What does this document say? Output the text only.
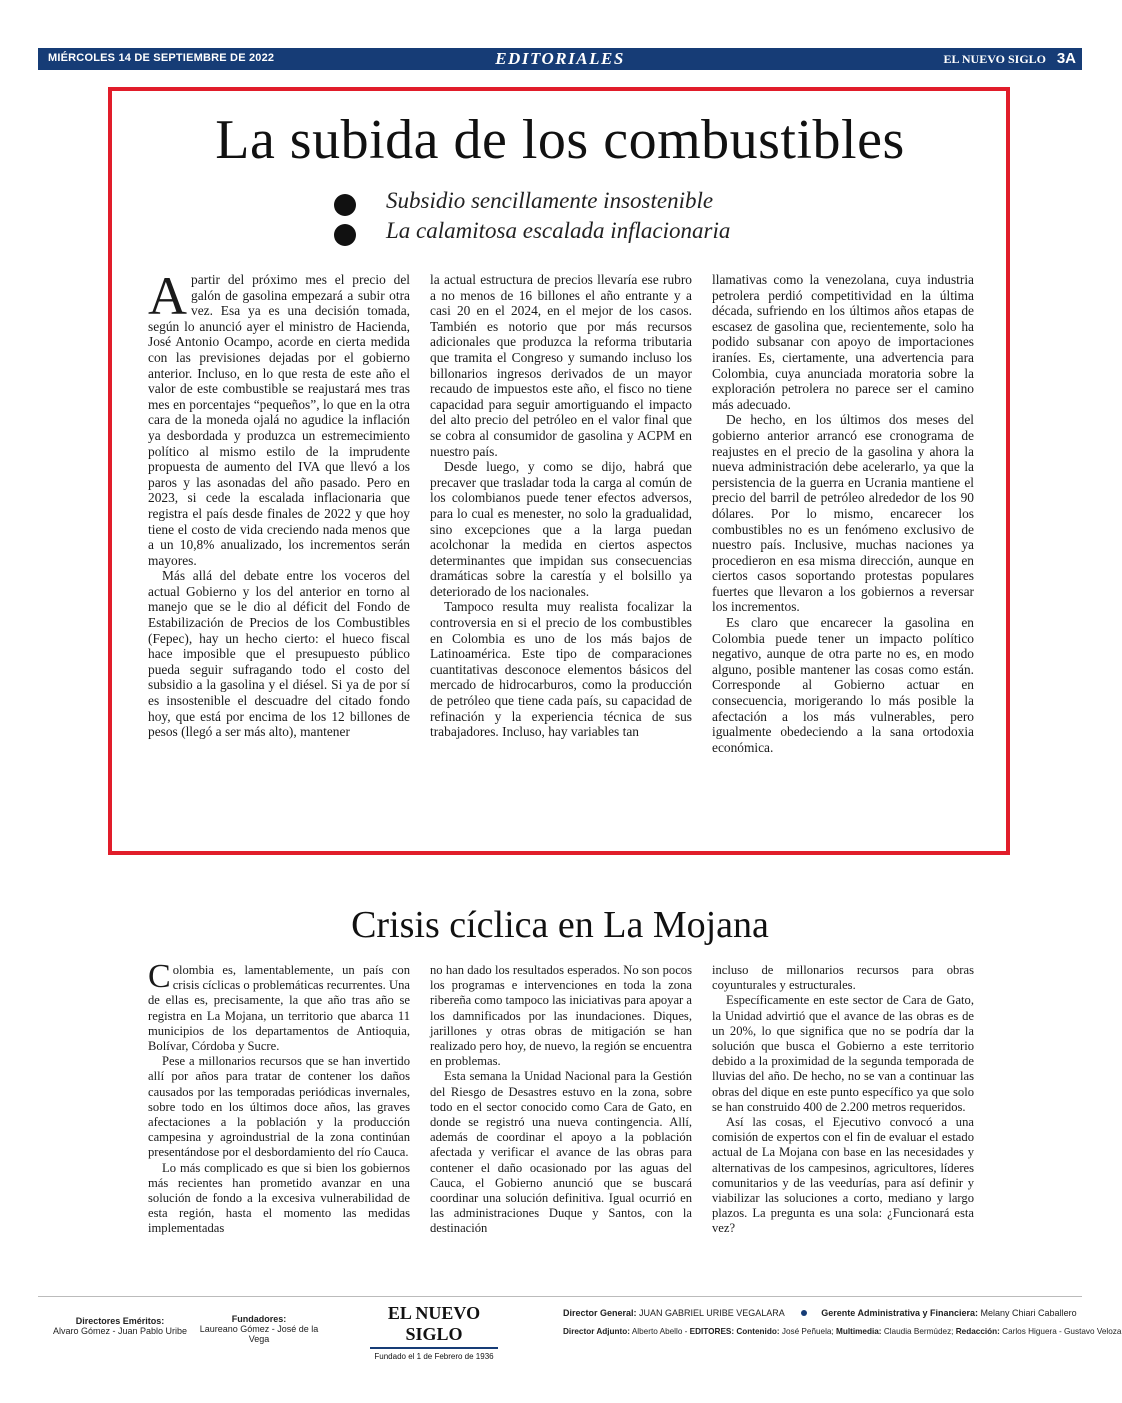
MIÉRCOLES 14 DE SEPTIEMBRE DE 2022	EDITORIALES	EL NUEVO SIGLO 3A
La subida de los combustibles
Subsidio sencillamente insostenible
La calamitosa escalada inflacionaria

Apartir del próximo mes el precio del galón de gasolina empezará a subir otra vez. Esa ya es una decisión tomada, según lo anunció ayer el ministro de Hacienda, José Antonio Ocampo, acorde en cierta medida con las previsiones dejadas por el gobierno anterior. Incluso, en lo que resta de este año el valor de este combustible se reajustará mes tras mes en porcentajes “pequeños”, lo que en la otra cara de la moneda ojalá no agudice la inflación ya desbordada y produzca un estremecimiento político al mismo estilo de la imprudente propuesta de aumento del IVA que llevó a los paros y las asonadas del año pasado. Pero en 2023, si cede la escalada inflacionaria que registra el país desde finales de 2022 y que hoy tiene el costo de vida creciendo nada menos que a un 10,8% anualizado, los incrementos serán mayores.

Más allá del debate entre los voceros del actual Gobierno y los del anterior en torno al manejo que se le dio al déficit del Fondo de Estabilización de Precios de los Combustibles (Fepec), hay un hecho cierto: el hueco fiscal hace imposible que el presupuesto público pueda seguir sufragando todo el costo del subsidio a la gasolina y el diésel. Si ya de por sí es insostenible el descuadre del citado fondo hoy, que está por encima de los 12 billones de pesos (llegó a ser más alto), mantener

la actual estructura de precios llevaría ese rubro a no menos de 16 billones el año entrante y a casi 20 en el 2024, en el mejor de los casos. También es notorio que por más recursos adicionales que produzca la reforma tributaria que tramita el Congreso y sumando incluso los billonarios ingresos derivados de un mayor recaudo de impuestos este año, el fisco no tiene capacidad para seguir amortiguando el impacto del alto precio del petróleo en el valor final que se cobra al consumidor de gasolina y ACPM en nuestro país.

Desde luego, y como se dijo, habrá que precaver que trasladar toda la carga al común de los colombianos puede tener efectos adversos, para lo cual es menester, no solo la gradualidad, sino excepciones que a la larga puedan acolchonar la medida en ciertos aspectos determinantes que impidan sus consecuencias dramáticas sobre la carestía y el bolsillo ya deteriorado de los nacionales.

Tampoco resulta muy realista focalizar la controversia en si el precio de los combustibles en Colombia es uno de los más bajos de Latinoamérica. Este tipo de comparaciones cuantitativas desconoce elementos básicos del mercado de hidrocarburos, como la producción de petróleo que tiene cada país, su capacidad de refinación y la experiencia técnica de sus trabajadores. Incluso, hay variables tan

llamativas como la venezolana, cuya industria petrolera perdió competitividad en la última década, sufriendo en los últimos años etapas de escasez de gasolina que, recientemente, solo ha podido subsanar con apoyo de importaciones iraníes. Es, ciertamente, una advertencia para Colombia, cuya anunciada moratoria sobre la exploración petrolera no parece ser el camino más adecuado.

De hecho, en los últimos dos meses del gobierno anterior arrancó ese cronograma de reajustes en el precio de la gasolina y ahora la nueva administración debe acelerarlo, ya que la persistencia de la guerra en Ucrania mantiene el precio del barril de petróleo alrededor de los 90 dólares. Por lo mismo, encarecer los combustibles no es un fenómeno exclusivo de nuestro país. Inclusive, muchas naciones ya procedieron en esa misma dirección, aunque en ciertos casos soportando protestas populares fuertes que llevaron a los gobiernos a reversar los incrementos.

Es claro que encarecer la gasolina en Colombia puede tener un impacto político negativo, aunque de otra parte no es, en modo alguno, posible mantener las cosas como están. Corresponde al Gobierno actuar en consecuencia, morigerando lo más posible la afectación a los más vulnerables, pero igualmente obedeciendo a la sana ortodoxia económica.

Crisis cíclica en La Mojana

Colombia es, lamentablemente, un país con crisis cíclicas o problemáticas recurrentes. Una de ellas es, precisamente, la que año tras año se registra en La Mojana, un territorio que abarca 11 municipios de los departamentos de Antioquia, Bolívar, Córdoba y Sucre.

Pese a millonarios recursos que se han invertido allí por años para tratar de contener los daños causados por las temporadas periódicas invernales, sobre todo en los últimos doce años, las graves afectaciones a la población y la producción campesina y agroindustrial de la zona continúan presentándose por el desbordamiento del río Cauca.

Lo más complicado es que si bien los gobiernos más recientes han prometido avanzar en una solución de fondo a la excesiva vulnerabilidad de esta región, hasta el momento las medidas implementadas

no han dado los resultados esperados. No son pocos los programas e intervenciones en toda la zona ribereña como tampoco las iniciativas para apoyar a los damnificados por las inundaciones. Diques, jarillones y otras obras de mitigación se han realizado pero hoy, de nuevo, la región se encuentra en problemas.

Esta semana la Unidad Nacional para la Gestión del Riesgo de Desastres estuvo en la zona, sobre todo en el sector conocido como Cara de Gato, en donde se registró una nueva contingencia. Allí, además de coordinar el apoyo a la población afectada y verificar el avance de las obras para contener el daño ocasionado por las aguas del Cauca, el Gobierno anunció que se buscará coordinar una solución definitiva. Igual ocurrió en las administraciones Duque y Santos, con la destinación

incluso de millonarios recursos para obras coyunturales y estructurales.

Específicamente en este sector de Cara de Gato, la Unidad advirtió que el avance de las obras es de un 20%, lo que significa que no se podría dar la solución que busca el Gobierno a este territorio debido a la proximidad de la segunda temporada de lluvias del año. De hecho, no se van a continuar las obras del dique en este punto específico ya que solo se han construido 400 de 2.200 metros requeridos.

Así las cosas, el Ejecutivo convocó a una comisión de expertos con el fin de evaluar el estado actual de La Mojana con base en las necesidades y alternativas de los campesinos, agricultores, líderes comunitarios y de las veedurías, para así definir y viabilizar las soluciones a corto, mediano y largo plazos. La pregunta es una sola: ¿Funcionará esta vez?

Directores Eméritos:
Alvaro Gómez - Juan Pablo Uribe
Fundadores:
Laureano Gómez - José de la Vega
EL NUEVO SIGLO
Fundado el 1 de Febrero de 1936
Director General: JUAN GABRIEL URIBE VEGALARA	Gerente Administrativa y Financiera: Melany Chiari Caballero
Director Adjunto: Alberto Abello - EDITORES: Contenido: José Peñuela; Multimedia: Claudia Bermúdez; Redacción: Carlos Higuera - Gustavo Veloza
